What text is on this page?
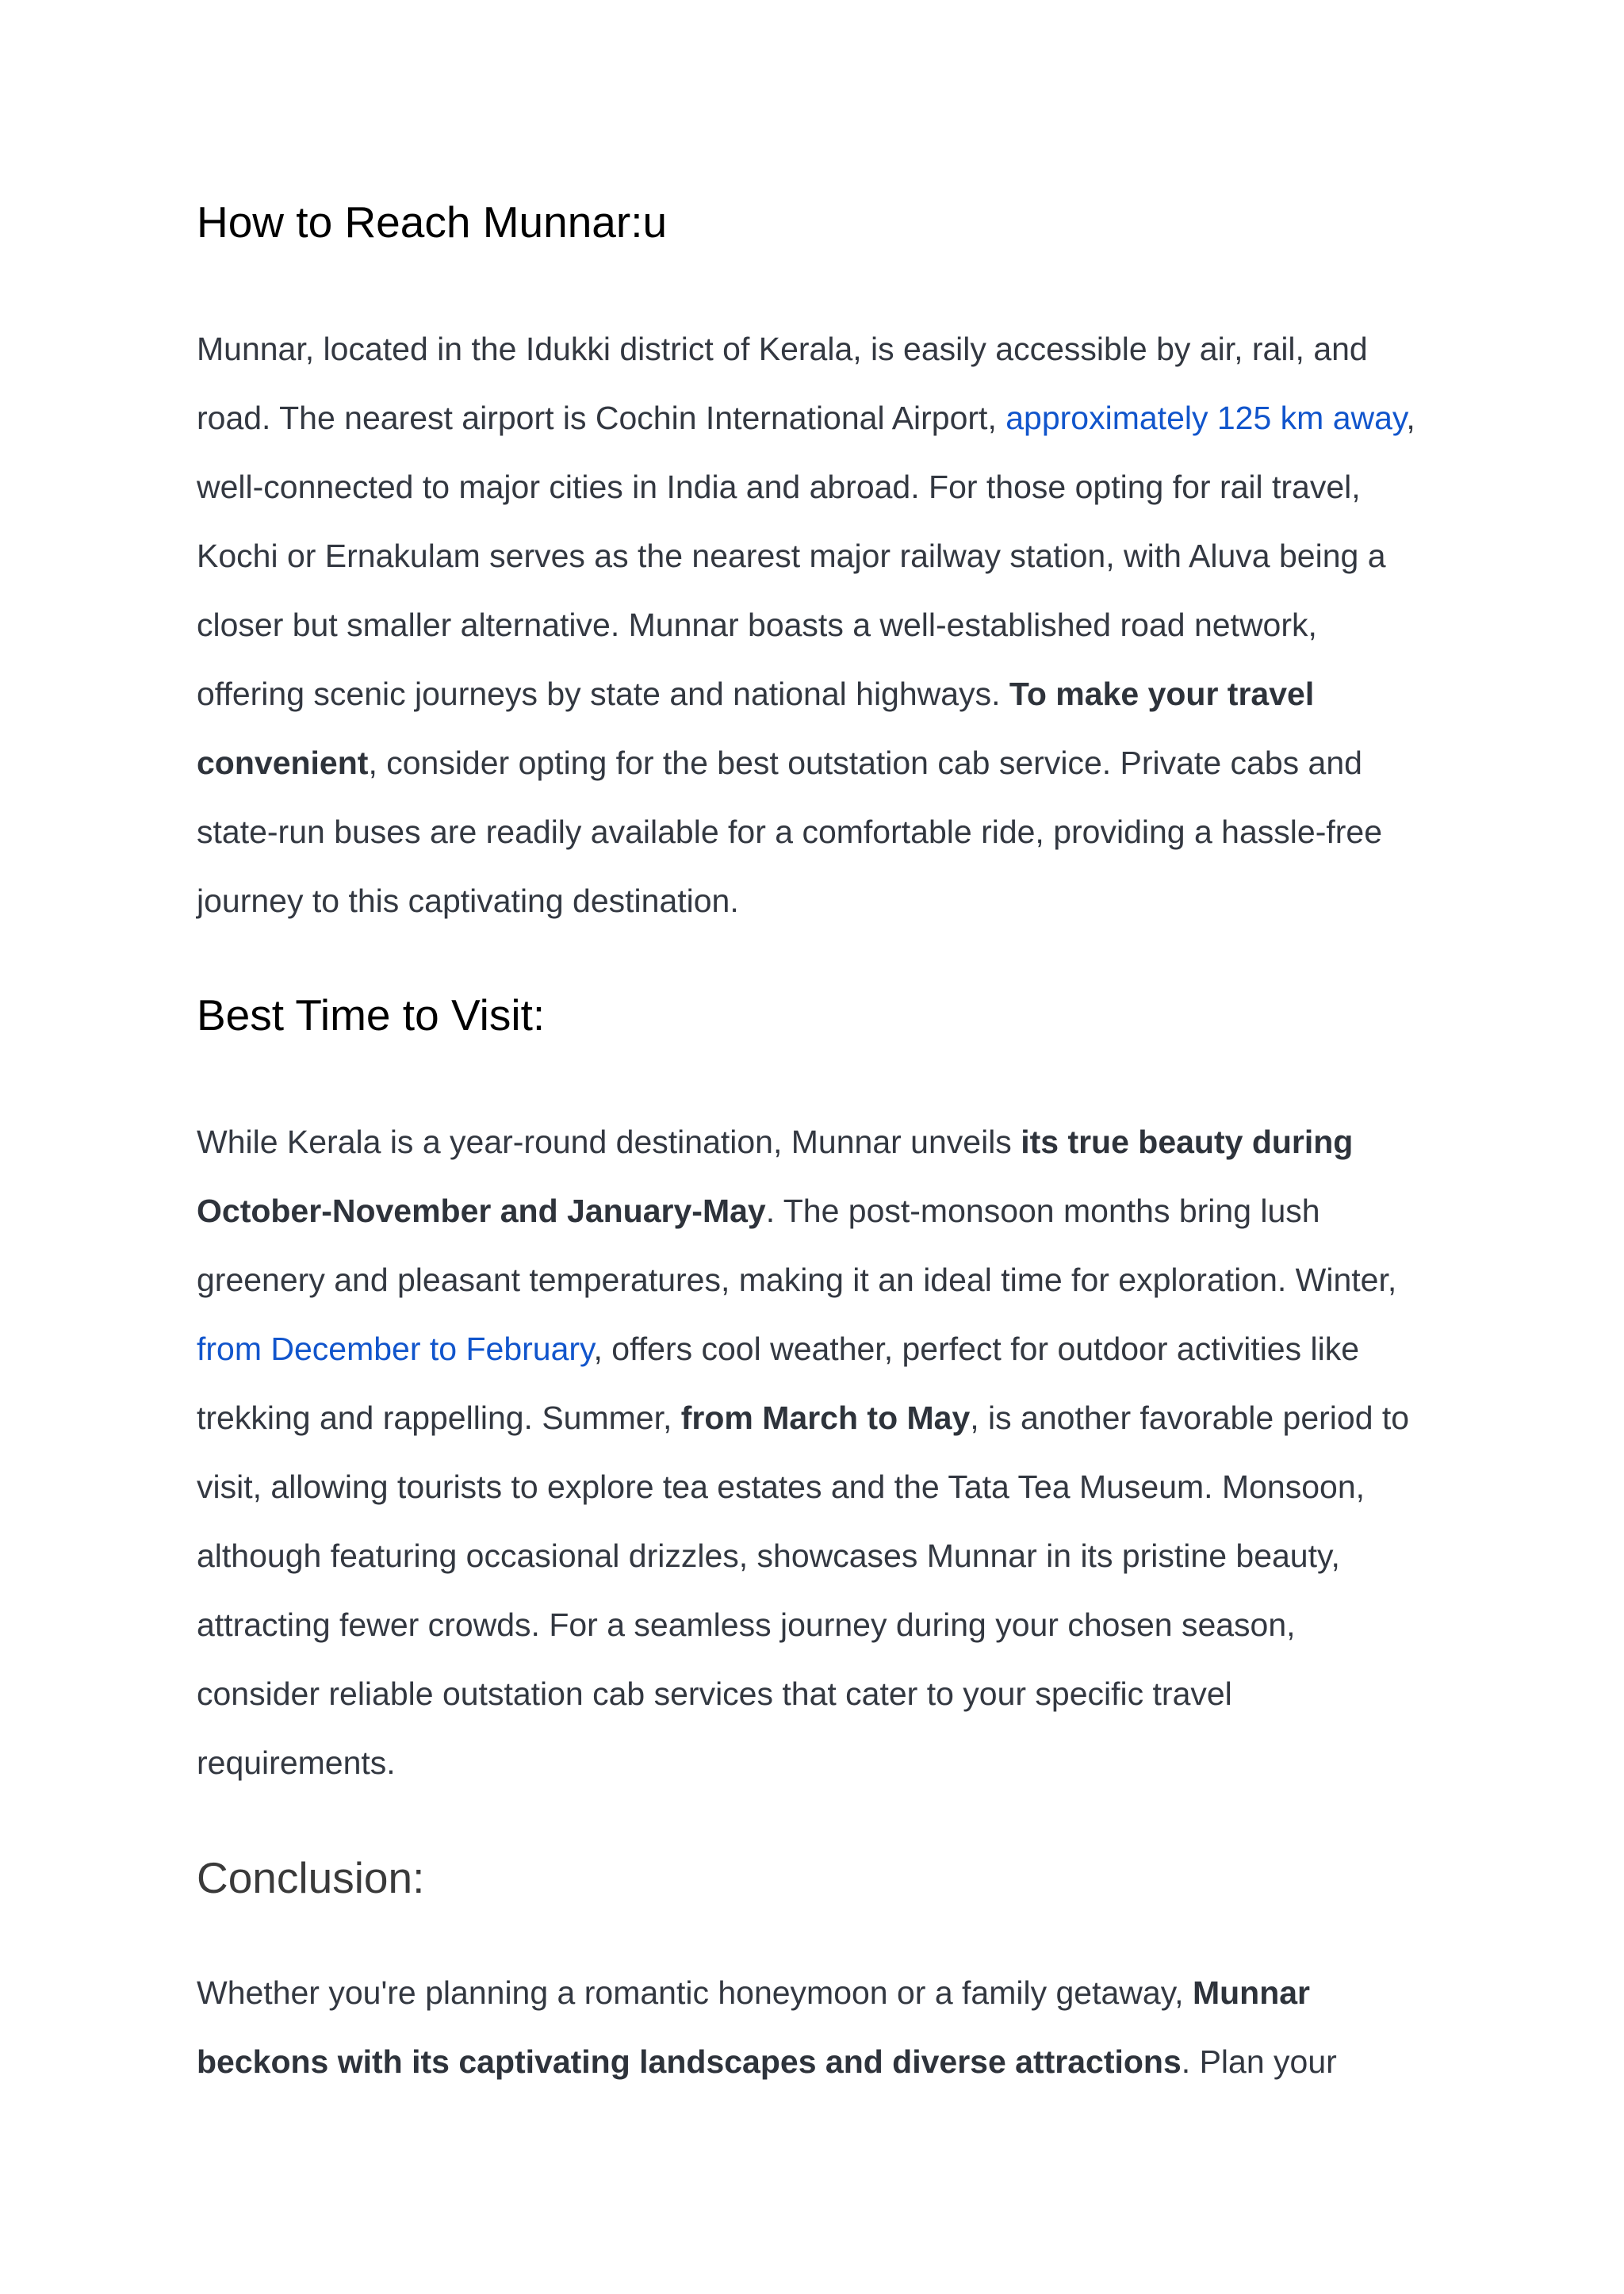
How to Reach Munnar:u
Munnar, located in the Idukki district of Kerala, is easily accessible by air, rail, and
road. The nearest airport is Cochin International Airport, approximately 125 km away,
well-connected to major cities in India and abroad. For those opting for rail travel,
Kochi or Ernakulam serves as the nearest major railway station, with Aluva being a
closer but smaller alternative. Munnar boasts a well-established road network,
offering scenic journeys by state and national highways. To make your travel
convenient, consider opting for the best outstation cab service. Private cabs and
state-run buses are readily available for a comfortable ride, providing a hassle-free
journey to this captivating destination.
Best Time to Visit:
While Kerala is a year-round destination, Munnar unveils its true beauty during
October-November and January-May. The post-monsoon months bring lush
greenery and pleasant temperatures, making it an ideal time for exploration. Winter,
from December to February, offers cool weather, perfect for outdoor activities like
trekking and rappelling. Summer, from March to May, is another favorable period to
visit, allowing tourists to explore tea estates and the Tata Tea Museum. Monsoon,
although featuring occasional drizzles, showcases Munnar in its pristine beauty,
attracting fewer crowds. For a seamless journey during your chosen season,
consider reliable outstation cab services that cater to your specific travel
requirements.
Conclusion:
Whether you're planning a romantic honeymoon or a family getaway, Munnar
beckons with its captivating landscapes and diverse attractions. Plan your
